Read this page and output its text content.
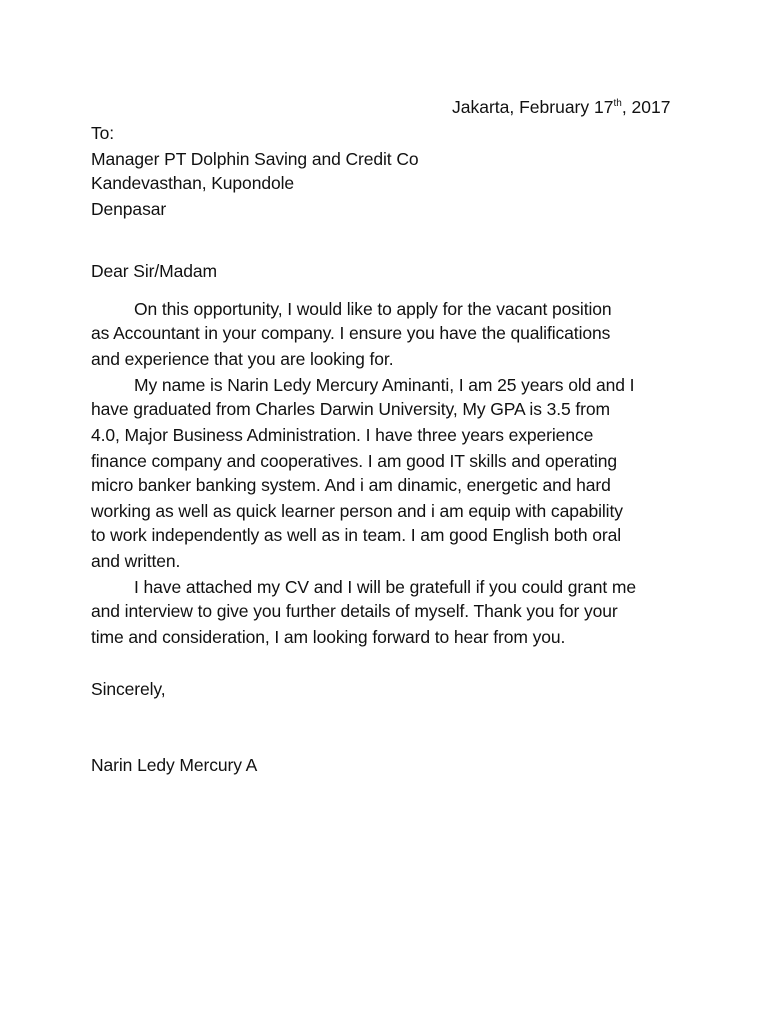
Jakarta, February 17th, 2017
To:
Manager PT Dolphin Saving and Credit Co
Kandevasthan, Kupondole
Denpasar
Dear Sir/Madam
On this opportunity, I would like to apply for the vacant position
as Accountant in your company. I ensure you have the qualifications
and experience that you are looking for.
My name is Narin Ledy Mercury Aminanti, I am 25 years old and I
have graduated from Charles Darwin University, My GPA is 3.5 from
4.0, Major Business Administration. I have three years experience
finance company and cooperatives. I am good IT skills and operating
micro banker banking system. And i am dinamic, energetic and hard
working as well as quick learner person and i am equip with capability
to work independently as well as in team. I am good English both oral
and written.
I have attached my CV and I will be gratefull if you could grant me
and interview to give you further details of myself. Thank you for your
time and consideration, I am looking forward to hear from you.
Sincerely,
Narin Ledy Mercury A
